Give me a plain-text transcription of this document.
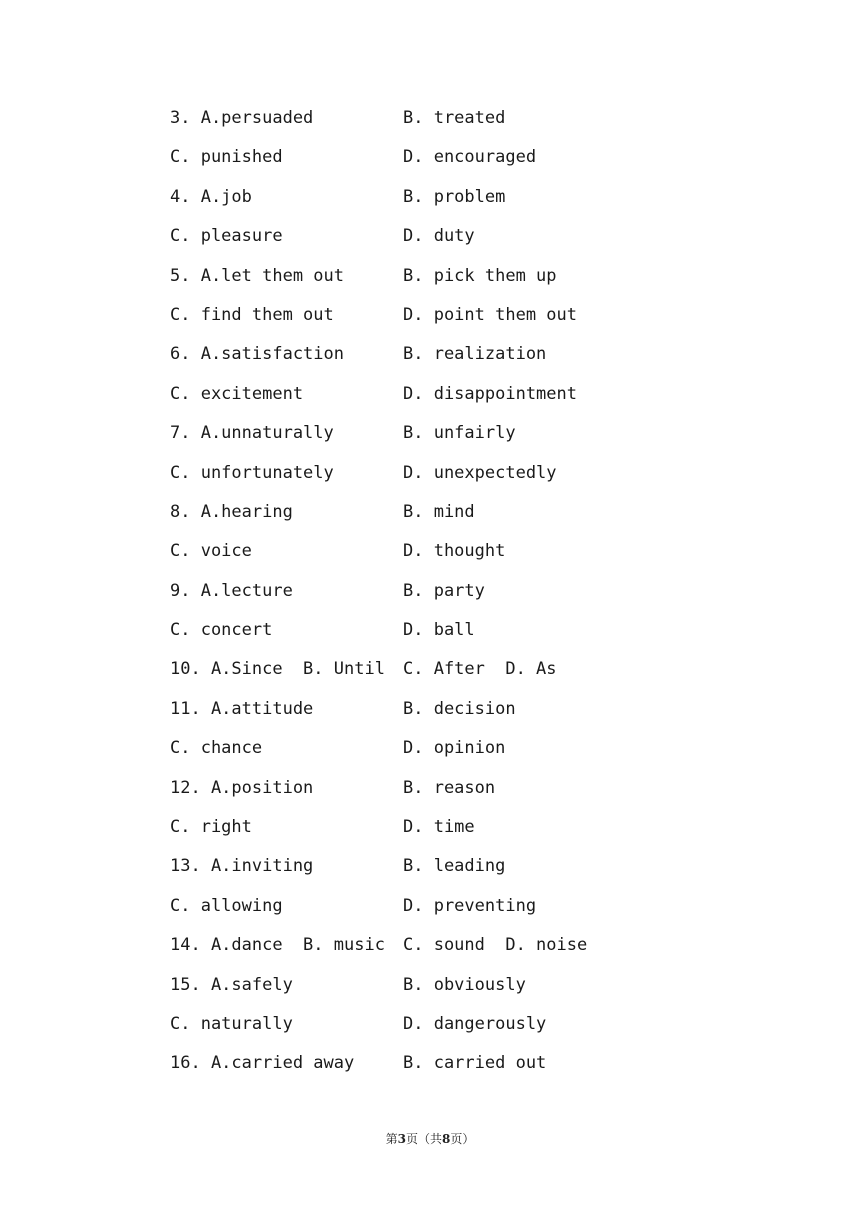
3. A.persuaded	B. treated
C. punished	D. encouraged
4. A.job	B. problem
C. pleasure	D. duty
5. A.let them out	B. pick them up
C. find them out	D. point them out
6. A.satisfaction	B. realization
C. excitement	D. disappointment
7. A.unnaturally	B. unfairly
C. unfortunately	D. unexpectedly
8. A.hearing	B. mind
C. voice	D. thought
9. A.lecture	B. party
C. concert	D. ball
10. A.Since  B. Until C. After  D. As
11. A.attitude	B. decision
C. chance	D. opinion
12. A.position	B. reason
C. right	D. time
13. A.inviting	B. leading
C. allowing	D. preventing
14. A.dance  B. music C. sound  D. noise
15. A.safely	B. obviously
C. naturally	D. dangerously
16. A.carried away	B. carried out
第3页（共8页）
